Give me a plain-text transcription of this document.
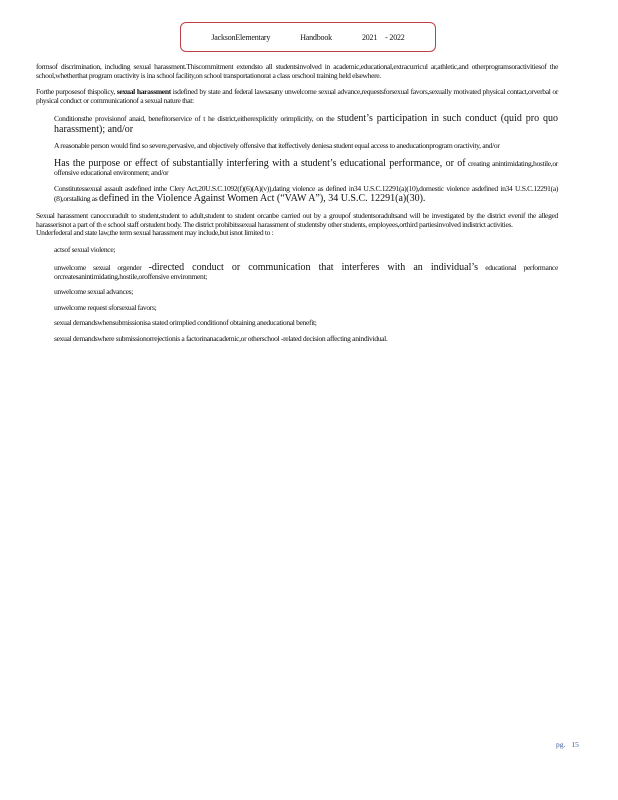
JacksonElementary	Handbook	2021 - 2022

formsof discrimination, including sexual harassment.Thiscommitment extendsto all studentsinvolved in academic,educational,extracurricul ar,athletic,and otherprogramsoractivitiesof the school,whetherthat program oractivity is ina school facility,on school transportationorat a class orschool training held elsewhere.

Forthe purposesof thispolicy, sexual harassment isdefined by state and federal lawsasany unwelcome sexual advance,requestsforsexual favors,sexually motivated physical contact,orverbal or physical conduct or communicationof a sexual nature that:

Conditionsthe provisionof anaid, benefitorservice of t he district,eitherexplicitly orimplicitly, on the student’s participation in such conduct (quid pro quo harassment); and/or
A reasonable person would find so severe,pervasive, and objectively offensive that iteffectively deniesa student equal access to aneducationprogram oractivity, and/or
Has the purpose or effect of substantially interfering with a student’s educational performance, or of creating anintimidating,hostile,or offensive educational environment; and/or
Constitutessexual assault asdefined inthe Clery Act,20U.S.C.1092(f)(6)(A)(v)),dating violence as defined in34 U.S.C.12291(a)(10),domestic violence asdefined in34 U.S.C.12291(a)(8),orstalking as defined in the Violence Against Women Act (“VAW A”), 34 U.S.C. 12291(a)(30).

Sexual harassment canoccuradult to student,student to adult,student to student orcanbe carried out by a groupof studentsoradultsand will be investigated by the district evenif the alleged harasserisnot a part of th e school staff orstudent body. The district prohibitssexual harassment of studentsby other students, employees,orthird partiesinvolved indistrict activities.

Underfederal and state law,the term sexual harassment may include,but isnot limited to :

actsof sexual violence;
unwelcome sexual orgender -directed conduct or communication that interferes with an individual’s educational performance orcreatesanintimidating,hostile,oroffensive environment;
unwelcome sexual advances;
unwelcome request sforsexual favors;
sexual demandswhensubmissionisa stated orimplied conditionof obtaining aneducational benefit;
sexual demandswhere submissionorrejectionis a factorinanacademic,or otherschool -related decision affecting anindividual.
pg. 15
